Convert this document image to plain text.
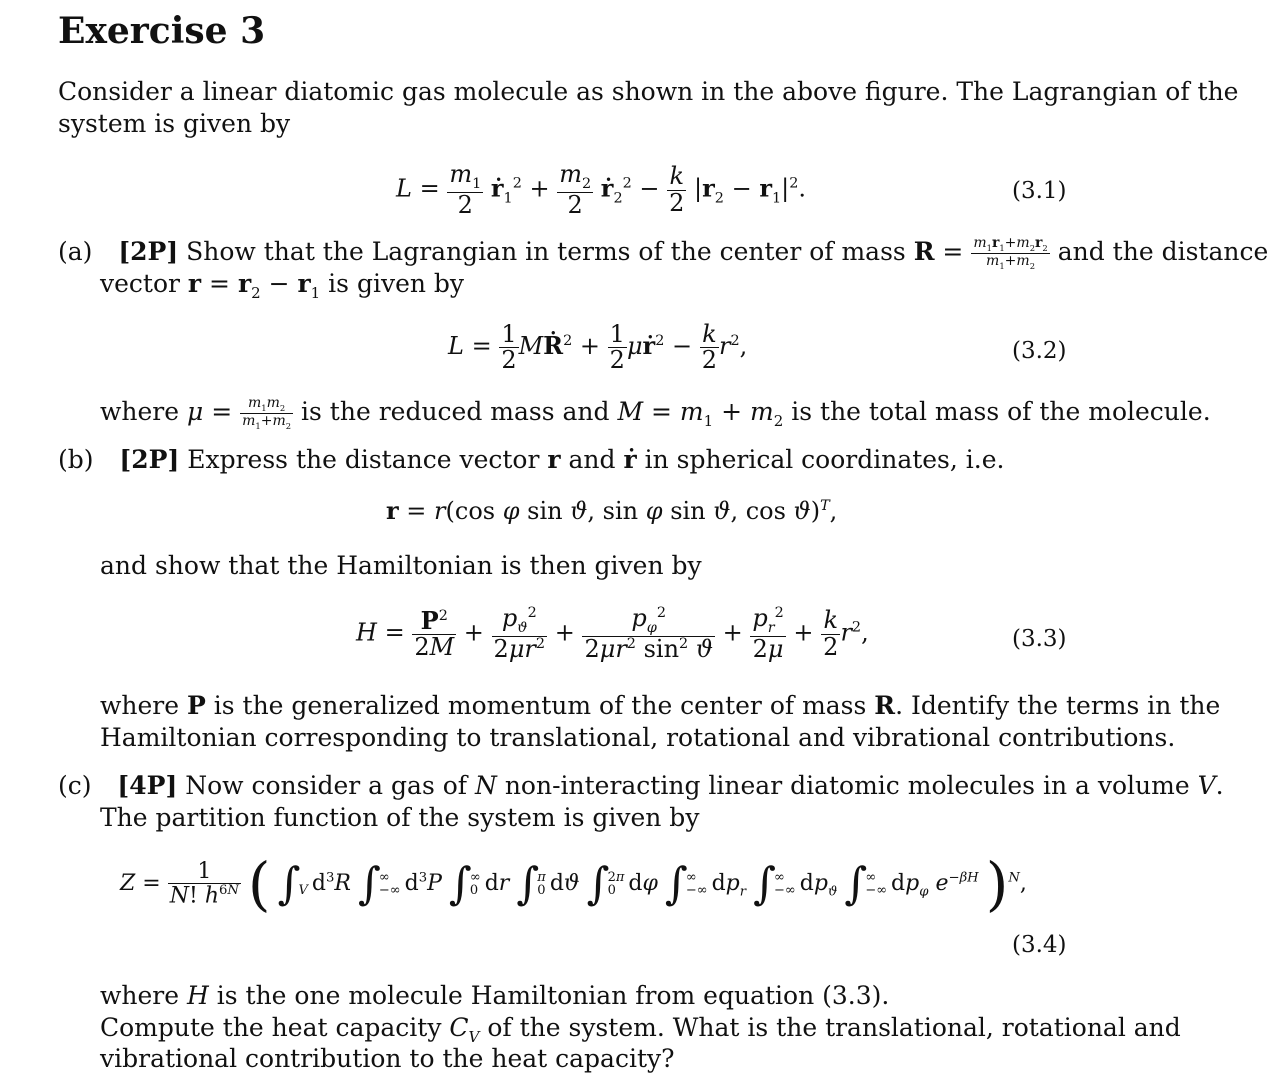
Exercise 3
Consider a linear diatomic gas molecule as shown in the above figure. The Lagrangian of the
system is given by
$L = \frac{m_1}{2}$ ṙ$_1^2$ + $\frac{m_2}{2}$ ṙ$_2^2$ − $\frac{k}{2} |r_2 - r_1|^2$.	(3.1)
(a) [2P] Show that the Lagrangian in terms of the center of mass $R = \frac{m_1r_1+m_2r_2}{m_1+m_2}$ and the distance
vector $r = r_2 - r_1$ is given by
$L = \frac{1}{2}$ MṘ$^2$ + $\frac{1}{2}$ μṙ$^2$ − $\frac{k}{2} r^2$,	(3.2)
where $\mu = \frac{m_1m_2}{m_1+m_2}$ is the reduced mass and $M = m_1 + m_2$ is the total mass of the molecule.
(b) [2P] Express the distance vector r and ṙ in spherical coordinates, i.e.
r = r(cos φ sin ϑ, sin φ sin ϑ, cos ϑ)$^T$,
and show that the Hamiltonian is then given by
$H = \frac{P^2}{2M} + \frac{p_ϑ^2}{2\mu r^2} + \frac{p_\varphi^2}{2\mu r^2 \sin^2 ϑ} + \frac{p_r^2}{2\mu} + \frac{k}{2} r^2$,	(3.3)
where P is the generalized momentum of the center of mass R. Identify the terms in the
Hamiltonian corresponding to translational, rotational and vibrational contributions.
(c) [4P] Now consider a gas of N non-interacting linear diatomic molecules in a volume V.
The partition function of the system is given by
$Z = \frac{1}{N! h^{6N}}$ ( ∫

V $d^3R$ ∫
∞
−∞ $d^3P$ ∫
∞
0 dr ∫
π
0 dϑ ∫
2π
0 dφ ∫
∞
−∞ $dp_r$ ∫
∞
−∞ $dp_ϑ$ ∫
∞
−∞ $dp_\varphi$ $e^{-\beta H}$ )$^N$,
(3.4)
where H is the one molecule Hamiltonian from equation (3.3).
Compute the heat capacity $C_V$ of the system. What is the translational, rotational and
vibrational contribution to the heat capacity?
